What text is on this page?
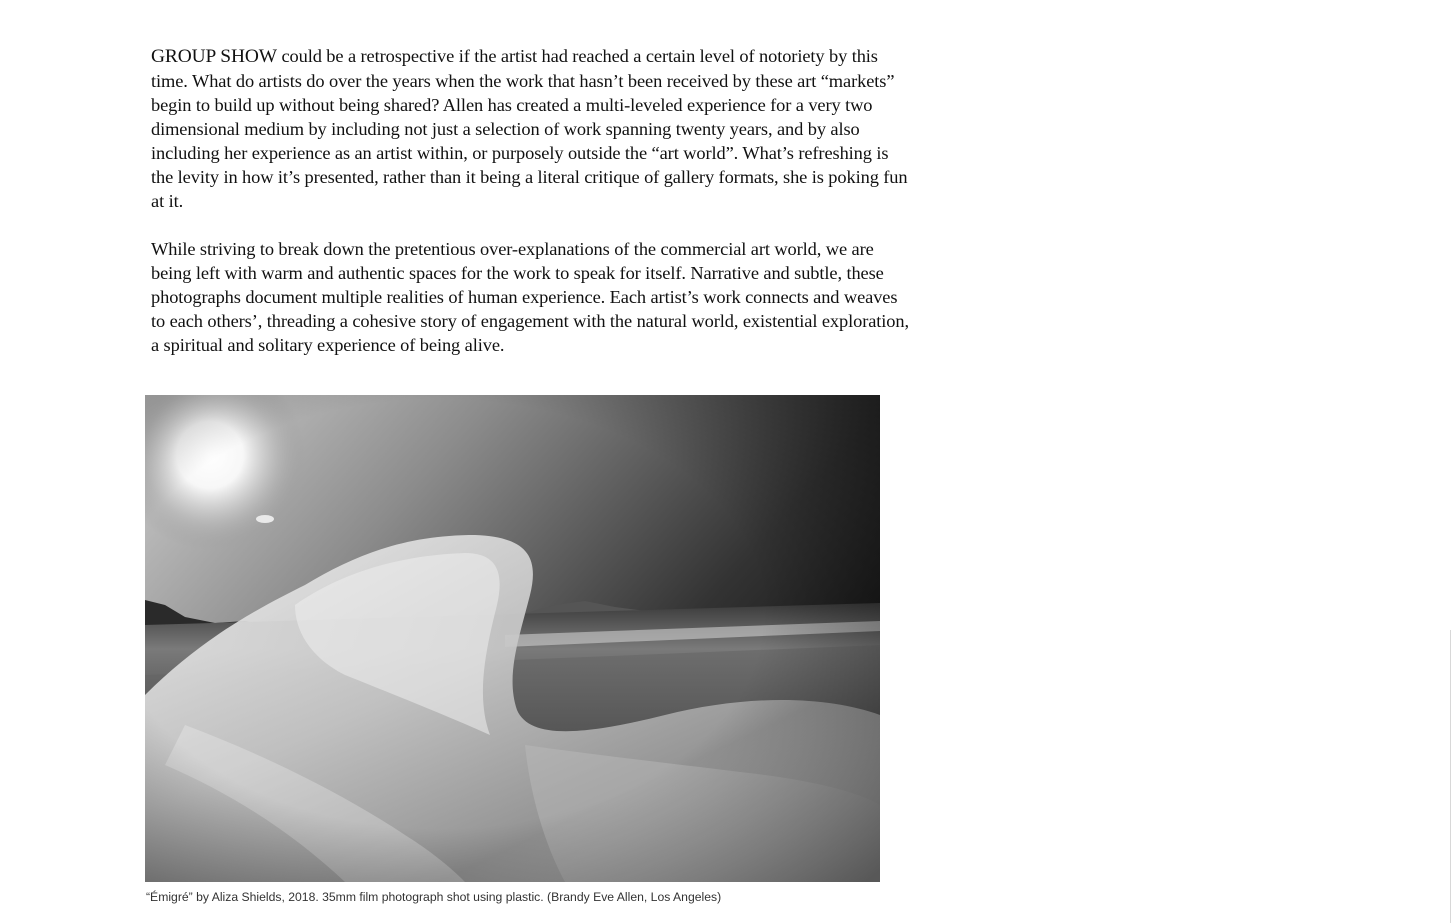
GROUP SHOW could be a retrospective if the artist had reached a certain level of notoriety by this time. What do artists do over the years when the work that hasn’t been received by these art “markets” begin to build up without being shared? Allen has created a multi-leveled experience for a very two dimensional medium by including not just a selection of work spanning twenty years, and by also including her experience as an artist within, or purposely outside the “art world”. What’s refreshing is the levity in how it’s presented, rather than it being a literal critique of gallery formats, she is poking fun at it.

While striving to break down the pretentious over-explanations of the commercial art world, we are being left with warm and authentic spaces for the work to speak for itself. Narrative and subtle, these photographs document multiple realities of human experience. Each artist’s work connects and weaves to each others’, threading a cohesive story of engagement with the natural world, existential exploration, a spiritual and solitary experience of being alive.

“Émigré” by Aliza Shields, 2018. 35mm film photograph shot using plastic. (Brandy Eve Allen, Los Angeles)
